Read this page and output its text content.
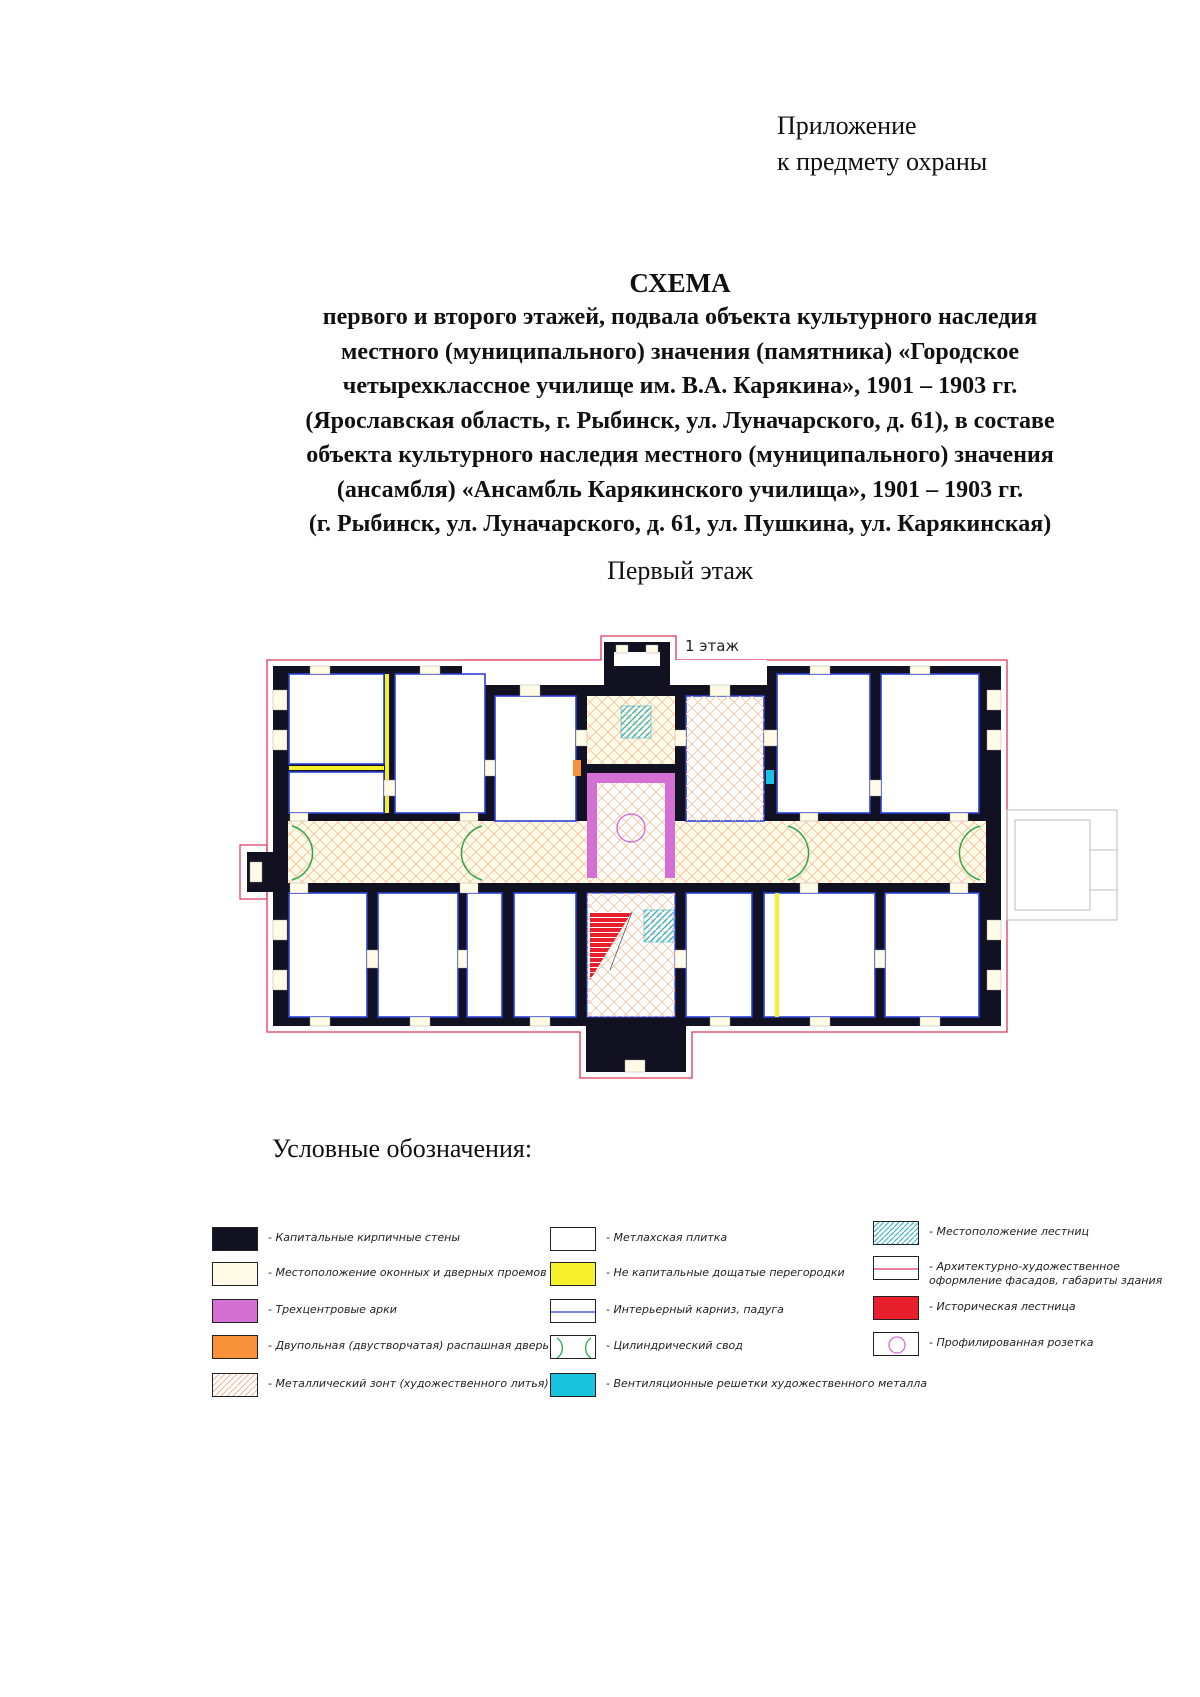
Приложение
к предмету охраны
СХЕМА
первого и второго этажей, подвала объекта культурного наследия
местного (муниципального) значения (памятника) «Городское
четырехклассное училище им. В.А. Карякина», 1901 – 1903 гг.
(Ярославская область, г. Рыбинск, ул. Луначарского, д. 61), в составе
объекта культурного наследия местного (муниципального) значения
(ансамбля) «Ансамбль Карякинского училища», 1901 – 1903 гг.
(г. Рыбинск, ул. Луначарского, д. 61, ул. Пушкина, ул. Карякинская)
Первый этаж
1 этаж
Условные обозначения:
- Капитальные кирпичные стены
- Местоположение оконных и дверных проемов
- Трехцентровые арки
- Двупольная (двустворчатая) распашная дверь
- Металлический зонт (художественного литья)
- Метлахская плитка
- Не капитальные дощатые перегородки
- Интерьерный карниз, падуга
- Цилиндрический свод
- Вентиляционные решетки художественного металла
- Местоположение лестниц
- Архитектурно-художественное
оформление фасадов, габариты здания
- Историческая лестница
- Профилированная розетка
